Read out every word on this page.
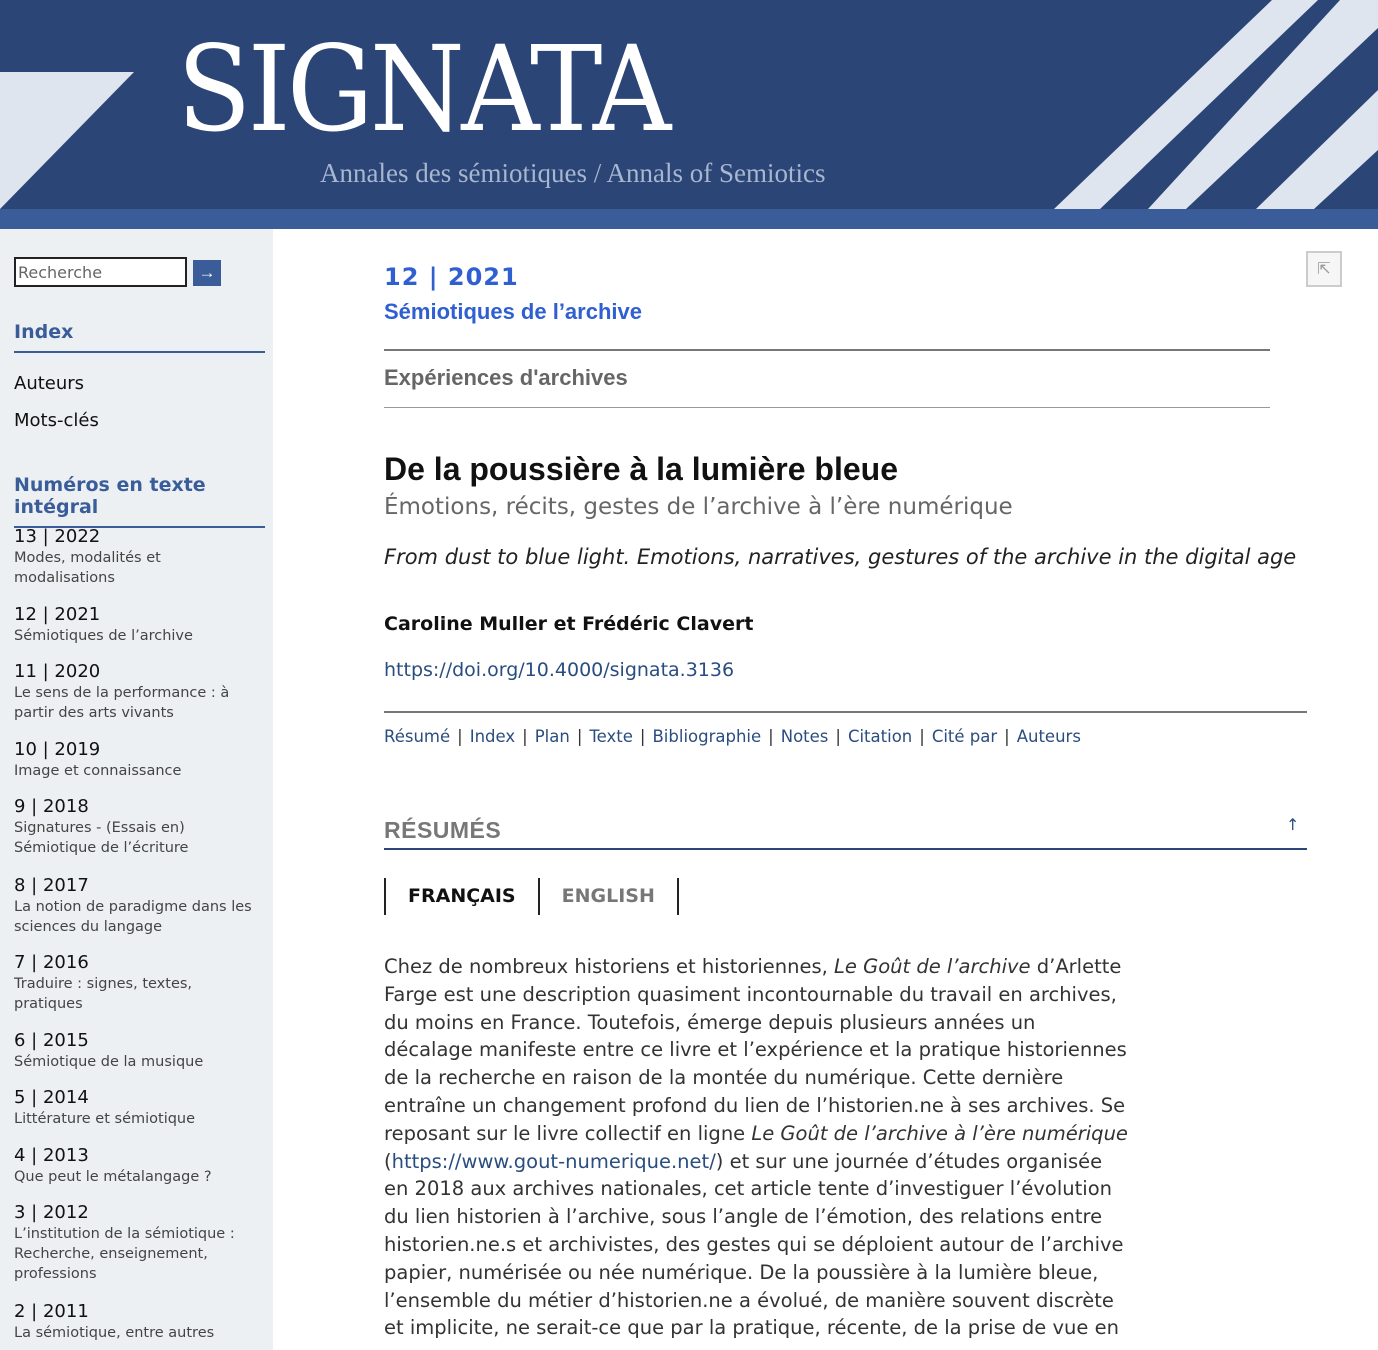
SIGNATA
Annales des sémiotiques / Annals of Semiotics
Recherche
→
Index
Auteurs
Mots-clés
Numéros en texte intégral
13 | 2022
Modes, modalités et modalisations
12 | 2021
Sémiotiques de l’archive
11 | 2020
Le sens de la performance : à partir des arts vivants
10 | 2019
Image et connaissance
9 | 2018
Signatures - (Essais en) Sémiotique de l’écriture
8 | 2017
La notion de paradigme dans les sciences du langage
7 | 2016
Traduire : signes, textes, pratiques
6 | 2015
Sémiotique de la musique
5 | 2014
Littérature et sémiotique
4 | 2013
Que peut le métalangage ?
3 | 2012
L’institution de la sémiotique : Recherche, enseignement, professions
2 | 2011
La sémiotique, entre autres
⇱
12 | 2021
Sémiotiques de l’archive
Expériences d'archives
De la poussière à la lumière bleue
Émotions, récits, gestes de l’archive à l’ère numérique
From dust to blue light. Emotions, narratives, gestures of the archive in the digital age
Caroline Muller et Frédéric Clavert
https://doi.org/10.4000/signata.3136
Résumé | Index | Plan | Texte | Bibliographie | Notes | Citation | Cité par | Auteurs
RÉSUMÉS	↑
FRANÇAIS	ENGLISH

Chez de nombreux historiens et historiennes, Le Goût de l’archive d’Arlette Farge est une description quasiment incontournable du travail en archives, du moins en France. Toutefois, émerge depuis plusieurs années un décalage manifeste entre ce livre et l’expérience et la pratique historiennes de la recherche en raison de la montée du numérique. Cette dernière entraîne un changement profond du lien de l’historien.ne à ses archives. Se reposant sur le livre collectif en ligne Le Goût de l’archive à l’ère numérique (https://www.gout-numerique.net/) et sur une journée d’études organisée en 2018 aux archives nationales, cet article tente d’investiguer l’évolution du lien historien à l’archive, sous l’angle de l’émotion, des relations entre historien.ne.s et archivistes, des gestes qui se déploient autour de l’archive papier, numérisée ou née numérique. De la poussière à la lumière bleue, l’ensemble du métier d’historien.ne a évolué, de manière souvent discrète et implicite, ne serait-ce que par la pratique, récente, de la prise de vue en
